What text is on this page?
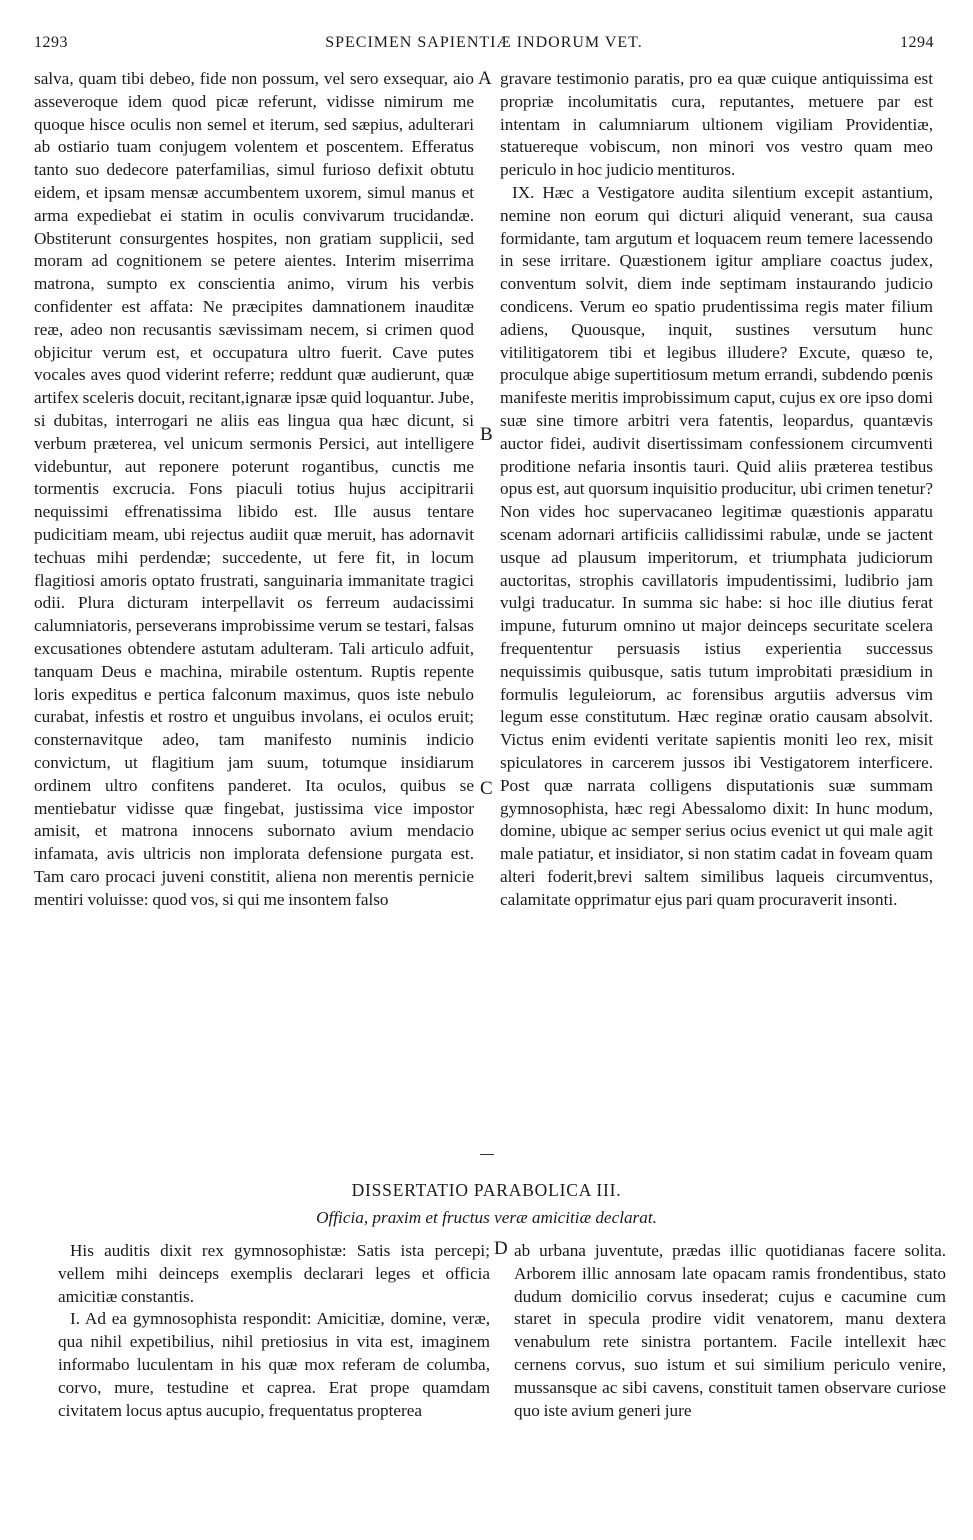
1293	SPECIMEN SAPIENTIÆ INDORUM VET.	1294

salva, quam tibi debeo, fide non possum, vel sero exsequar, aio asseveroque idem quod picæ referunt, vidisse nimirum me quoque hisce oculis non semel et iterum, sed sæpius, adulterari ab ostiario tuam conjugem volentem et poscentem. Efferatus tanto suo dedecore paterfamilias, simul furioso defixit obtutu eidem, et ipsam mensæ accumbentem uxorem, simul manus et arma expediebat ei statim in oculis convivarum trucidandæ. Obstiterunt consurgentes hospites, non gratiam supplicii, sed moram ad cognitionem se petere aientes. Interim miserrima matrona, sumpto ex conscientia animo, virum his verbis confidenter est affata: Ne præcipites damnationem inauditæ reæ, adeo non recusantis sævissimam necem, si crimen quod objicitur verum est, et occupatura ultro fuerit. Cave putes vocales aves quod viderint referre; reddunt quæ audierunt, quæ artifex sceleris docuit, recitant,ignaræ ipsæ quid loquantur. Jube, si dubitas, interrogari ne aliis eas lingua qua hæc dicunt, si verbum præterea, vel unicum sermonis Persici, aut intelligere videbuntur, aut reponere poterunt rogantibus, cunctis me tormentis excrucia. Fons piaculi totius hujus accipitrarii nequissimi effrenatissima libido est. Ille ausus tentare pudicitiam meam, ubi rejectus audiit quæ meruit, has adornavit techuas mihi perdendæ; succedente, ut fere fit, in locum flagitiosi amoris optato frustrati, sanguinaria immanitate tragici odii. Plura dicturam interpellavit os ferreum audacissimi calumniatoris, perseverans improbissime verum se testari, falsas excusationes obtendere astutam adulteram. Tali articulo adfuit, tanquam Deus e machina, mirabile ostentum. Ruptis repente loris expeditus e pertica falconum maximus, quos iste nebulo curabat, infestis et rostro et unguibus involans, ei oculos eruit; consternavitque adeo, tam manifesto numinis indicio convictum, ut flagitium jam suum, totumque insidiarum ordinem ultro confitens panderet. Ita oculos, quibus se mentiebatur vidisse quæ fingebat, justissima vice impostor amisit, et matrona innocens subornato avium mendacio infamata, avis ultricis non implorata defensione purgata est. Tam caro procaci juveni constitit, aliena non merentis pernicie mentiri voluisse: quod vos, si qui me insontem falso

A
B
C

gravare testimonio paratis, pro ea quæ cuique antiquissima est propriæ incolumitatis cura, reputantes, metuere par est intentam in calumniarum ultionem vigiliam Providentiæ, statuereque vobiscum, non minori vos vestro quam meo periculo in hoc judicio mentituros.

IX. Hæc a Vestigatore audita silentium excepit astantium, nemine non eorum qui dicturi aliquid venerant, sua causa formidante, tam argutum et loquacem reum temere lacessendo in sese irritare. Quæstionem igitur ampliare coactus judex, conventum solvit, diem inde septimam instaurando judicio condicens. Verum eo spatio prudentissima regis mater filium adiens, Quousque, inquit, sustines versutum hunc vitilitigatorem tibi et legibus illudere? Excute, quæso te, proculque abige supertitiosum metum errandi, subdendo pœnis manifeste meritis improbissimum caput, cujus ex ore ipso domi suæ sine timore arbitri vera fatentis, leopardus, quantævis auctor fidei, audivit disertissimam confessionem circumventi proditione nefaria insontis tauri. Quid aliis præterea testibus opus est, aut quorsum inquisitio producitur, ubi crimen tenetur? Non vides hoc supervacaneo legitimæ quæstionis apparatu scenam adornari artificiis callidissimi rabulæ, unde se jactent usque ad plausum imperitorum, et triumphata judiciorum auctoritas, strophis cavillatoris impudentissimi, ludibrio jam vulgi traducatur. In summa sic habe: si hoc ille diutius ferat impune, futurum omnino ut major deinceps securitate scelera frequententur persuasis istius experientia successus nequissimis quibusque, satis tutum improbitati præsidium in formulis leguleiorum, ac forensibus argutiis adversus vim legum esse constitutum. Hæc reginæ oratio causam absolvit. Victus enim evidenti veritate sapientis moniti leo rex, misit spiculatores in carcerem jussos ibi Vestigatorem interficere. Post quæ narrata colligens disputationis suæ summam gymnosophista, hæc regi Abessalomo dixit: In hunc modum, domine, ubique ac semper serius ocius evenict ut qui male agit male patiatur, et insidiator, si non statim cadat in foveam quam alteri foderit,brevi saltem similibus laqueis circumventus, calamitate opprimatur ejus pari quam procuraverit insonti.

DISSERTATIO PARABOLICA III.
Officia, praxim et fructus veræ amicitiæ declarat.

His auditis dixit rex gymnosophistæ: Satis ista percepi; vellem mihi deinceps exemplis declarari leges et officia amicitiæ constantis.

I. Ad ea gymnosophista respondit: Amicitiæ, domine, veræ, qua nihil expetibilius, nihil pretiosius in vita est, imaginem informabo luculentam in his quæ mox referam de columba, corvo, mure, testudine et caprea. Erat prope quamdam civitatem locus aptus aucupio, frequentatus propterea

D ab urbana juventute, prædas illic quotidianas facere solita. Arborem illic annosam late opacam ramis frondentibus, stato dudum domicilio corvus insederat; cujus e cacumine cum staret in specula prodire vidit venatorem, manu dextera venabulum rete sinistra portantem. Facile intellexit hæc cernens corvus, suo istum et sui similium periculo venire, mussansque ac sibi cavens, constituit tamen observare curiose quo iste avium generi jure
